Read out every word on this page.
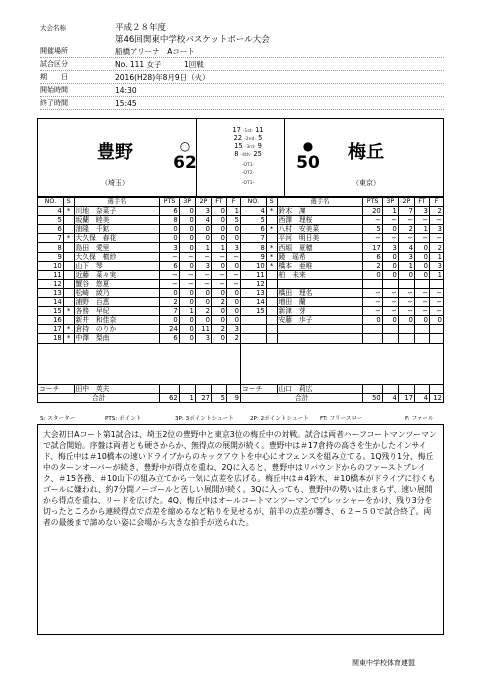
大会名称	平成２８年度
第46回関東中学校バスケットボール大会
開催場所	船橋アリーナ　Aコート
試合区分	No. 111 女子　　　1回戦
期　　日	2016(H28)年8月9日（火）
開始時間	14:30
終了時間	15:45
豊野
（埼玉）
○
62
17 -1st- 11
22 -2nd- 5
15 -3rd- 9
8 -4th- 25
-OT1-
-OT2-
-OT3-
●
50	梅丘
（東京）
NO.	S	選手名	PTS	3P	2P	FT	F
4	*	川地　奈菜子	6	0	3	0	1
5		坂蘭　睦美	8	0	4	0	5
6		油隆　千鉱	0	0	0	0	0
7	*	大久保　春花	0	0	0	0	0
8		島田　愛里	3	0	1	1	3
9		大久保　槙紗	−	−	−	−	−
10		山下　琴	6	0	3	0	0
11		近藤　菜々実	−	−	−	−	−
12		蟹谷　悠夏	−	−	−	−	−
13		松崎　綾乃	0	0	0	0	0
14		浦野　百恵	2	0	0	2	0
15	*	各務　早紀	7	1	2	0	0
16		新井　和佳奈	0	0	0	0	0
17	*	倉持　のりか	24	0	11	2	3
18	*	中澤　梨南	6	0	3	0	2

コーチ		田中　英夫					
合計			62	1	27	5	9
NO.	S	選手名	PTS	3P	2P	FT	F
4	*	鈴木　凜	20	1	7	3	2
5		西澤　理桜	−	−	−	−	−
6	*	八村　安美菜	5	0	2	1	3
7		平河　明日美	−	−	−	−	−
8	*	西堀　夏穂	17	3	4	0	2
9	*	鏡　瑶希	6	0	3	0	1
10	*	橋本　亜唯	2	0	1	0	3
11		柏　未来	0	0	0	0	1
12							
13		橋田　理名	−	−	−	−	−
14		増田　蘭	−	−	−	−	−
15		新津　芽	−	−	−	−	−
		安藤　歩子	0	0	0	0	0

コーチ		山口　莉広					
合計			50	4	17	4	12
S: スターター	PTS: ポイント	3P: 3ポイントシュート	2P: 2ポイントシュート FT: フリースロー	F: ファール
大会初日Aコート第1試合は、埼玉2位の豊野中と東京3位の梅丘中の対戦。試合は両者ハーフコートマンツーマンで試合開始。序盤は両者とも硬さからか、無得点の展開が続く。豊野中は＃17倉持の高さを生かしたインサイド、梅丘中は＃10橋本の速いドライブからのキックアウトを中心にオフェンスを組み立てる。1Q残り1分、梅丘中のターンオーバーが続き、豊野中が得点を重ね、2Qに入ると、豊野中はリバウンドからのファーストブレイク、＃15各務、＃10山下の組み立てから一気に点差を広げる。梅丘中は＃4鈴木、＃10橋本がドライブに行くもゴールに嫌われ、約7分間ノーゴールと苦しい展開が続く。3Qに入っても、豊野中の勢いは止まらず、速い展開から得点を重ね、リードを広げた。4Q、梅丘中はオールコートマンツーマンでプレッシャーをかけ、残り3分を切ったところから連続得点で点差を縮めるなど粘りを見せるが、前半の点差が響き、６２−５０で試合終了。両者の最後まで諦めない姿に会場から大きな拍手が送られた。
関東中学校体育連盟
